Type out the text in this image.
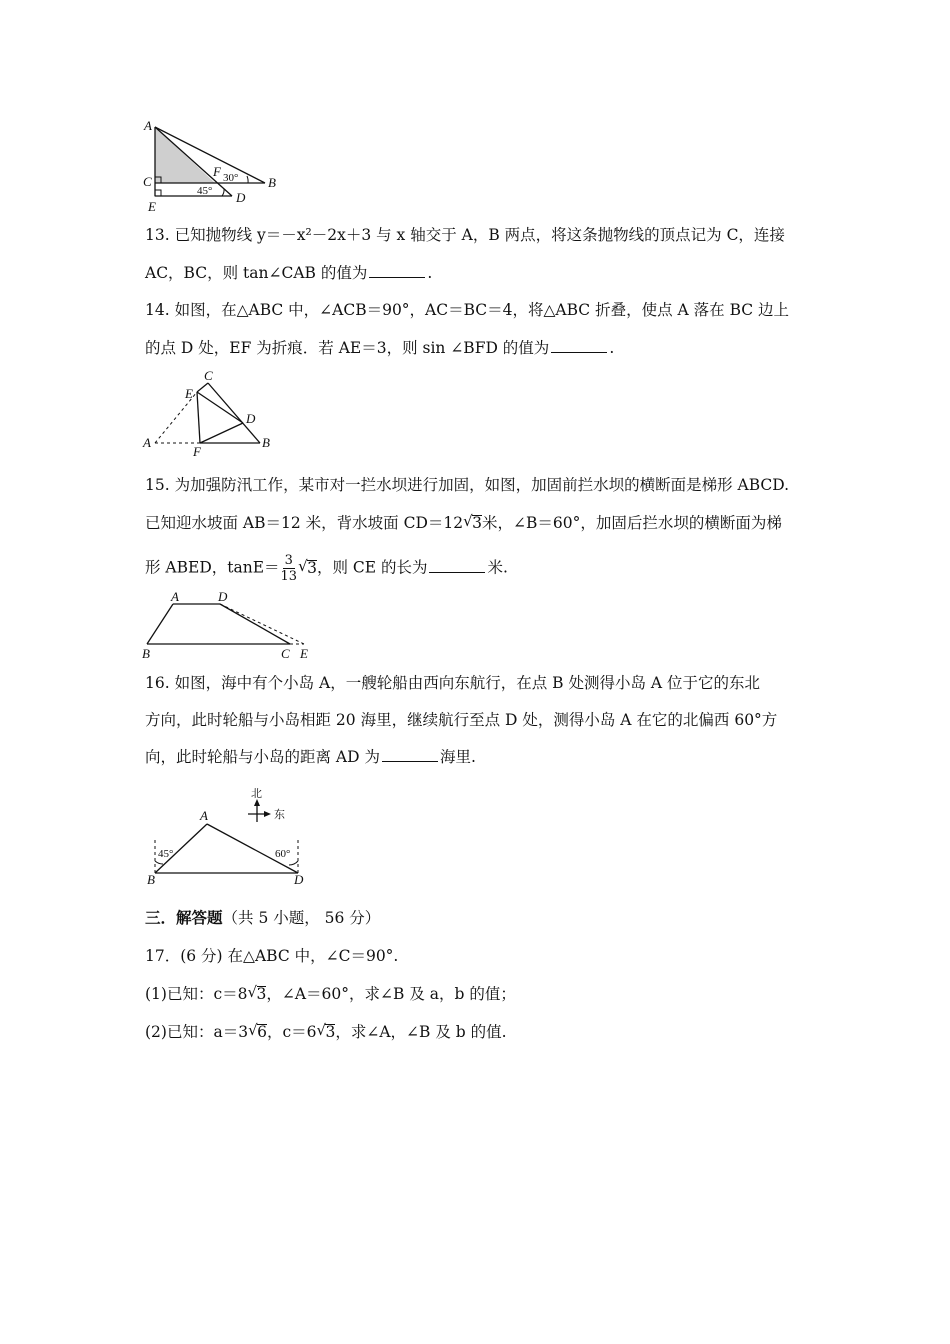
A
F 30° B
C
45° D
E
13. 已知抛物线 y＝－x²－2x＋3 与 x 轴交于 A，B 两点，将这条抛物线的顶点记为 C，连接
AC，BC，则 tan∠CAB 的值为	.
14. 如图，在△ABC 中，∠ACB＝90°，AC＝BC＝4，将△ABC 折叠，使点 A 落在 BC 边上
的点 D 处，EF 为折痕．若 AE＝3，则 sin ∠BFD 的值为	.
C
E
D
A	B
F
15. 为加强防汛工作，某市对一拦水坝进行加固，如图，加固前拦水坝的横断面是梯形 ABCD.
已知迎水坡面 AB＝12 米，背水坡面 CD＝12 √ 3米，∠B＝60°，加固后拦水坝的横断面为梯
形 ABED，$\tan E= \frac{3}{13}$ √ 3，则 CE 的长为	米.
A	D
B	C E
16. 如图，海中有个小岛 A，一艘轮船由西向东航行，在点 B 处测得小岛 A 位于它的东北
方向，此时轮船与小岛相距 20 海里，继续航行至点 D 处，测得小岛 A 在它的北偏西 60°方
向，此时轮船与小岛的距离 AD 为	海里.
北
东
A
45°	60°
B	D
三．解答题（共 5 小题， 56 分）
17．(6 分) 在△ABC 中，∠C＝90°.
(1)已知：c＝8 √ 3，∠A＝60°，求∠B 及 a，b 的值；
(2)已知：a＝3 √ 6，c＝6 √ 3，求∠A，∠B 及 b 的值.
